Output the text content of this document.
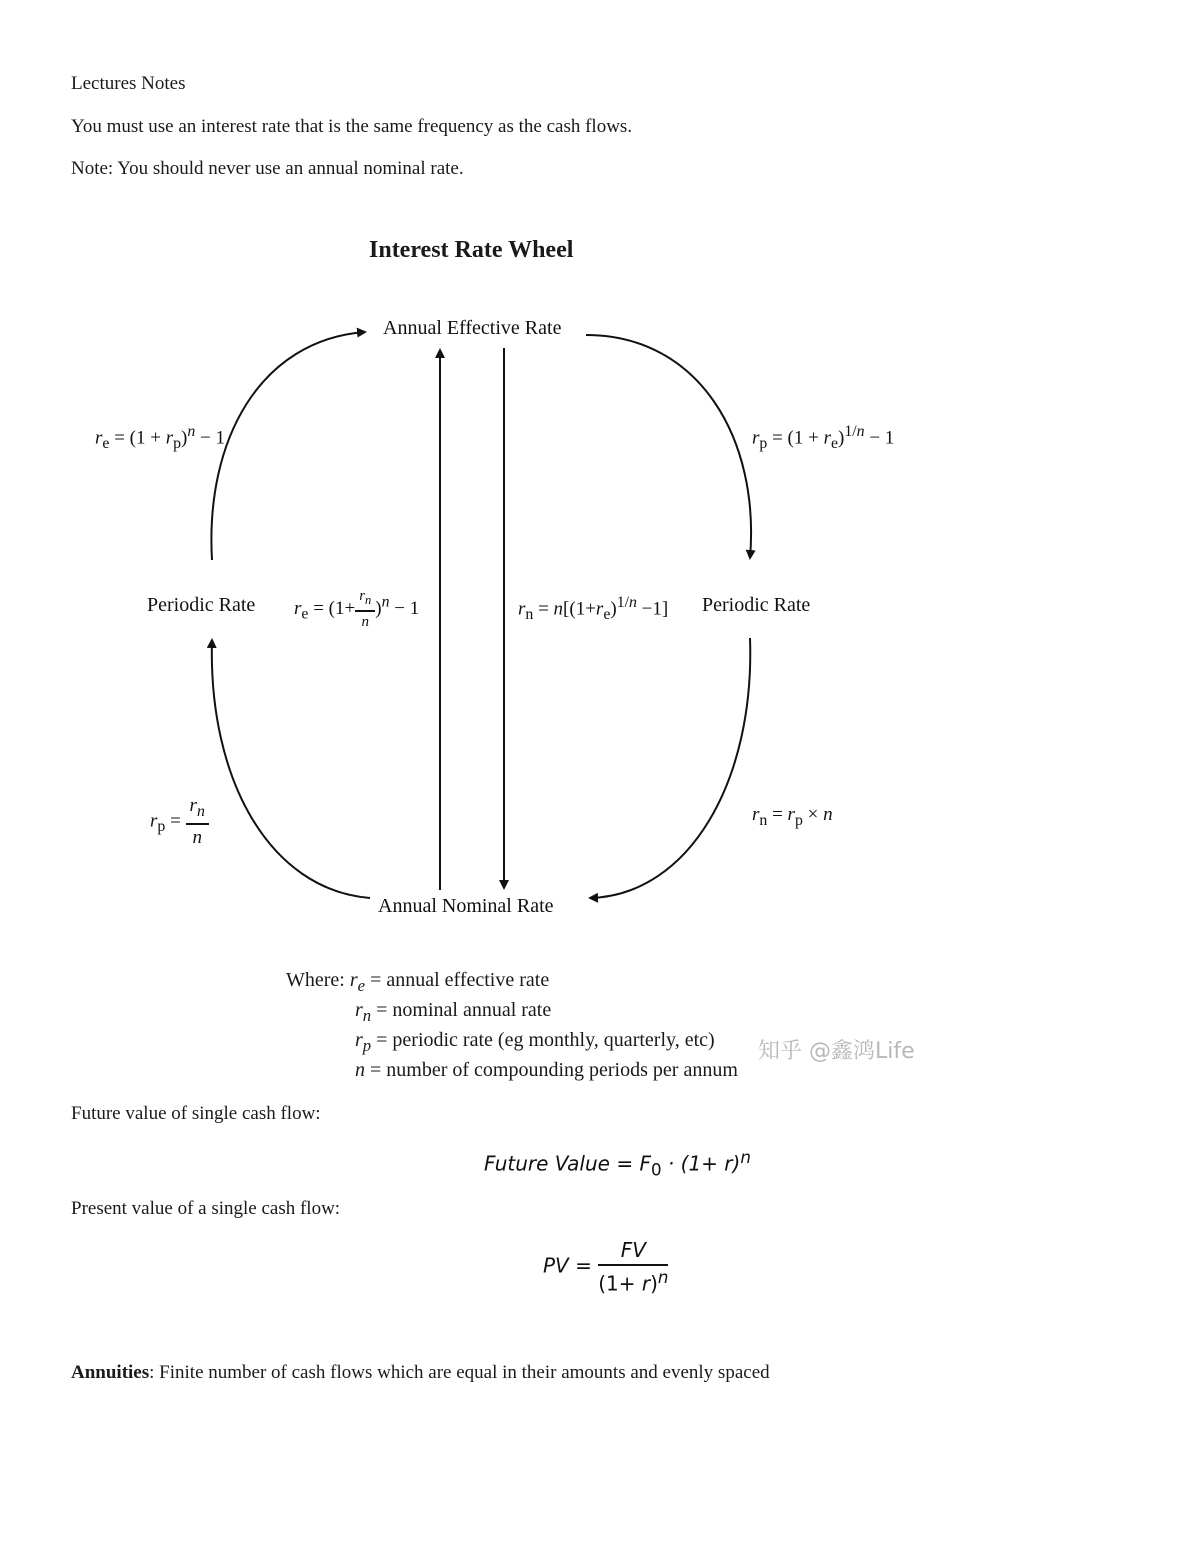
Lectures Notes
You must use an interest rate that is the same frequency as the cash flows.
Note: You should never use an annual nominal rate.
Interest Rate Wheel
Annual Effective Rate
Periodic Rate	Periodic Rate
Annual Nominal Rate
$r_e = (1 + r_p)^n - 1$	$r_p = (1 + r_e)^{1/n} - 1$
$r_e = (1+ \frac{r_n}{n} )^n - 1$	$r_n = n[(1+r_e)^{1/n} -1]$
$r_p = \frac{r_n}{n}$	$r_n = r_p \times n$
Where: $r_e$ = annual effective rate
$r_n$ = nominal annual rate
$r_p$ = periodic rate (eg monthly, quarterly, etc)
n = number of compounding periods per annum
知乎 @鑫鸿Life
Future value of single cash flow:
Future Value = $F_0 \cdot (1+ r)^n$
Present value of a single cash flow:
PV = $\frac{FV}{(1+ r)^n}$
Annuities: Finite number of cash flows which are equal in their amounts and evenly spaced
